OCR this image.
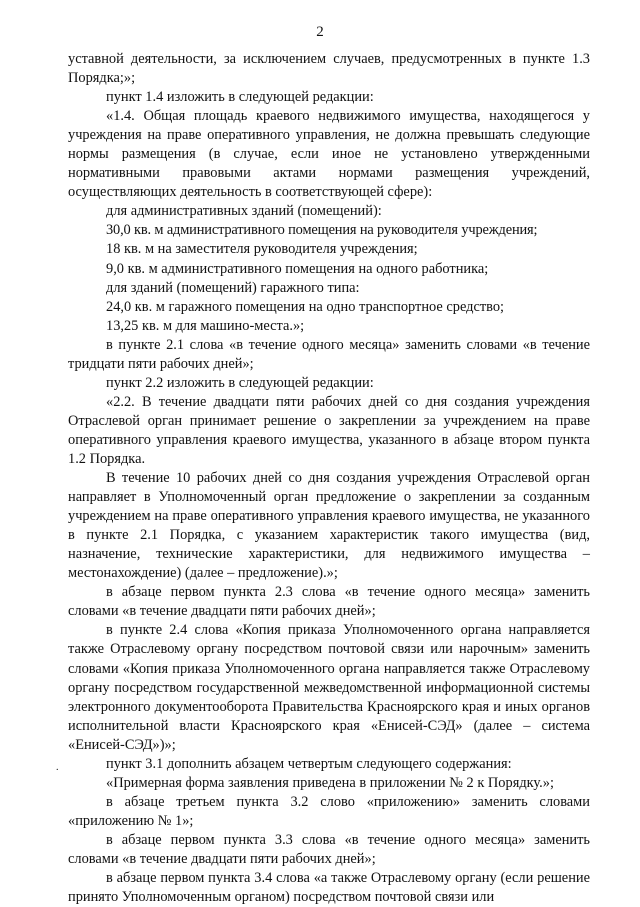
2

уставной деятельности, за исключением случаев, предусмотренных в пункте 1.3 Порядка;»;

пункт 1.4 изложить в следующей редакции:

«1.4. Общая площадь краевого недвижимого имущества, находящегося у учреждения на праве оперативного управления, не должна превышать следующие нормы размещения (в случае, если иное не установлено утвержденными нормативными правовыми актами нормами размещения учреждений, осуществляющих деятельность в соответствующей сфере):

для административных зданий (помещений):

30,0 кв. м административного помещения на руководителя учреждения;

18 кв. м на заместителя руководителя учреждения;

9,0 кв. м административного помещения на одного работника;

для зданий (помещений) гаражного типа:

24,0 кв. м гаражного помещения на одно транспортное средство;

13,25 кв. м для машино-места.»;

в пункте 2.1 слова «в течение одного месяца» заменить словами «в течение тридцати пяти рабочих дней»;

пункт 2.2 изложить в следующей редакции:

«2.2. В течение двадцати пяти рабочих дней со дня создания учреждения Отраслевой орган принимает решение о закреплении за учреждением на праве оперативного управления краевого имущества, указанного в абзаце втором пункта 1.2 Порядка.

В течение 10 рабочих дней со дня создания учреждения Отраслевой орган направляет в Уполномоченный орган предложение о закреплении за созданным учреждением на праве оперативного управления краевого имущества, не указанного в пункте 2.1 Порядка, с указанием характеристик такого имущества (вид, назначение, технические характеристики, для недвижимого имущества – местонахождение) (далее – предложение).»;

в абзаце первом пункта 2.3 слова «в течение одного месяца» заменить словами «в течение двадцати пяти рабочих дней»;

в пункте 2.4 слова «Копия приказа Уполномоченного органа направляется также Отраслевому органу посредством почтовой связи или нарочным» заменить словами «Копия приказа Уполномоченного органа направляется также Отраслевому органу посредством государственной межведомственной информационной системы электронного документооборота Правительства Красноярского края и иных органов исполнительной власти Красноярского края «Енисей-СЭД» (далее – система «Енисей-СЭД»)»;

.	пункт 3.1 дополнить абзацем четвертым следующего содержания:

«Примерная форма заявления приведена в приложении № 2 к Порядку.»;

в абзаце третьем пункта 3.2 слово «приложению» заменить словами «приложению № 1»;

в абзаце первом пункта 3.3 слова «в течение одного месяца» заменить словами «в течение двадцати пяти рабочих дней»;

в абзаце первом пункта 3.4 слова «а также Отраслевому органу (если решение принято Уполномоченным органом) посредством почтовой связи или
